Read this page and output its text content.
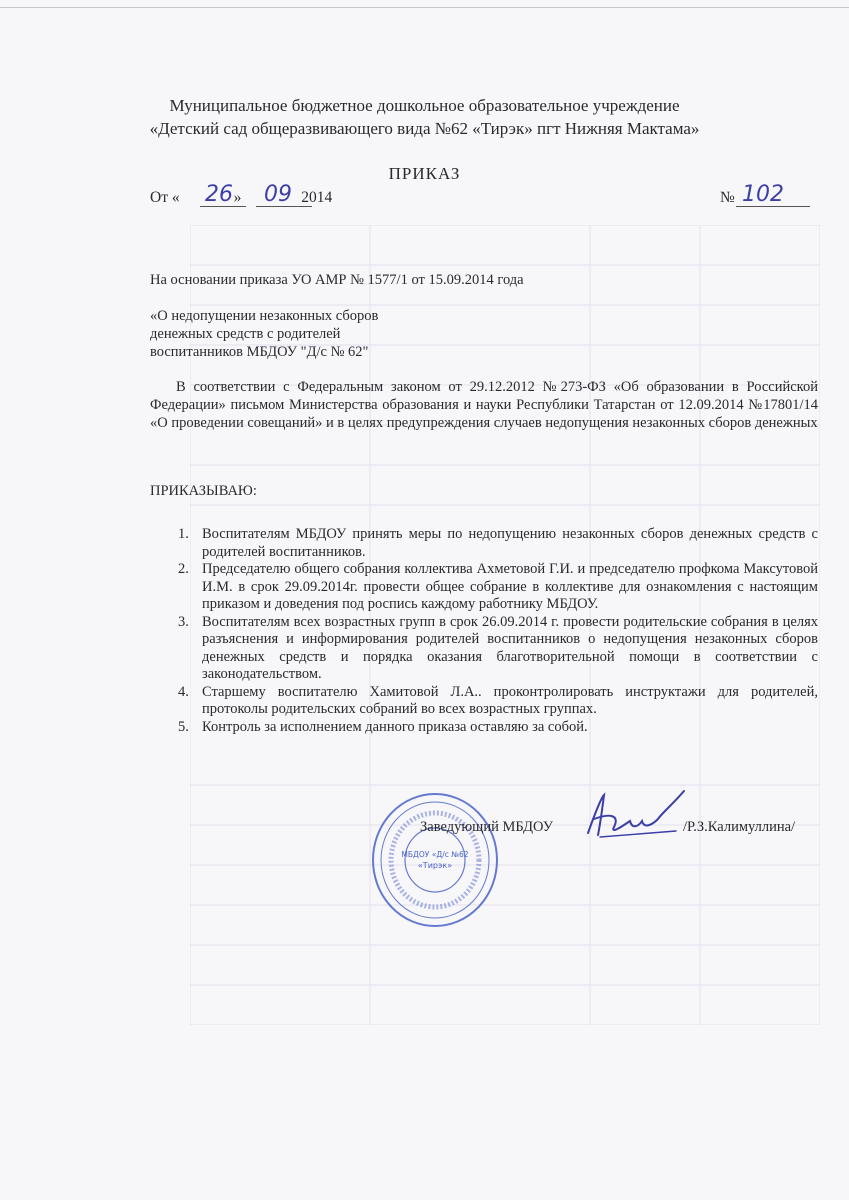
Муниципальное бюджетное дошкольное образовательное учреждение
«Детский сад общеразвивающего вида №62 «Тирэк» пгт Нижняя Мактама»
ПРИКАЗ
От «	»	2014
26 09	№ 102
На основании приказа УО АМР № 1577/1 от 15.09.2014 года
«О недопущении незаконных сборов
денежных средств с родителей
воспитанников МБДОУ "Д/с № 62"

В соответствии с Федеральным законом от 29.12.2012 №273-ФЗ «Об образовании в Российской Федерации» письмом Министерства образования и науки Республики Татарстан от 12.09.2014 №17801/14 «О проведении совещаний» и в целях предупреждения случаев недопущения незаконных сборов денежных

ПРИКАЗЫВАЮ:
1. Воспитателям МБДОУ принять меры по недопущению незаконных сборов денежных средств с родителей воспитанников.
2. Председателю общего собрания коллектива Ахметовой Г.И. и председателю профкома Максутовой И.М. в срок 29.09.2014г. провести общее собрание в коллективе для ознакомления с настоящим приказом и доведения под роспись каждому работнику МБДОУ.
3. Воспитателям всех возрастных групп в срок 26.09.2014 г. провести родительские собрания в целях разъяснения и информирования родителей воспитанников о недопущения незаконных сборов денежных средств и порядка оказания благотворительной помощи в соответствии с законодательством.
4. Старшему воспитателю Хамитовой Л.А.. проконтролировать инструктажи для родителей, протоколы родительских собраний во всех возрастных группах.
5. Контроль за исполнением данного приказа оставляю за собой.
МБДОУ «Д/с №62
«Тирэк»
Заведующий МБДОУ	/Р.З.Калимуллина/
